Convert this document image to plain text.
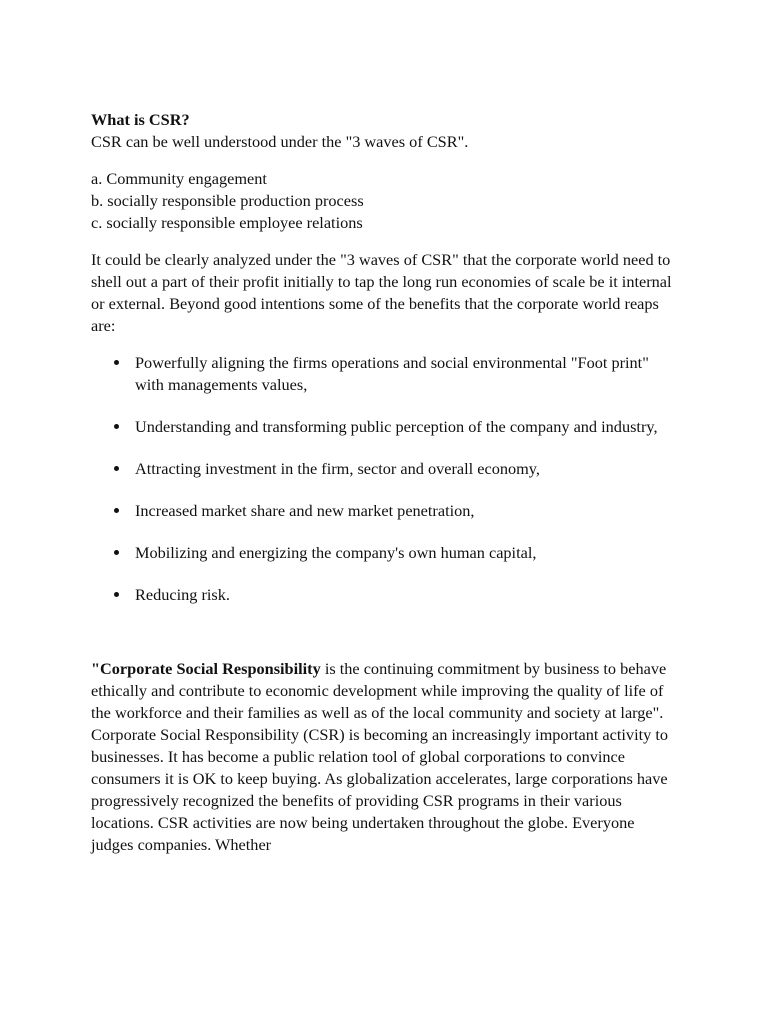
What is CSR?

CSR can be well understood under the "3 waves of CSR".

a. Community engagement
b. socially responsible production process
c. socially responsible employee relations

It could be clearly analyzed under the "3 waves of CSR" that the corporate world need to shell out a part of their profit initially to tap the long run economies of scale be it internal or external. Beyond good intentions some of the benefits that the corporate world reaps are:

Powerfully aligning the firms operations and social environmental "Foot print" with managements values,
Understanding and transforming public perception of the company and industry,
Attracting investment in the firm, sector and overall economy,
Increased market share and new market penetration,
Mobilizing and energizing the company's own human capital,
Reducing risk.

"Corporate Social Responsibility is the continuing commitment by business to behave ethically and contribute to economic development while improving the quality of life of the workforce and their families as well as of the local community and society at large". Corporate Social Responsibility (CSR) is becoming an increasingly important activity to businesses. It has become a public relation tool of global corporations to convince consumers it is OK to keep buying. As globalization accelerates, large corporations have progressively recognized the benefits of providing CSR programs in their various locations. CSR activities are now being undertaken throughout the globe. Everyone judges companies. Whether
